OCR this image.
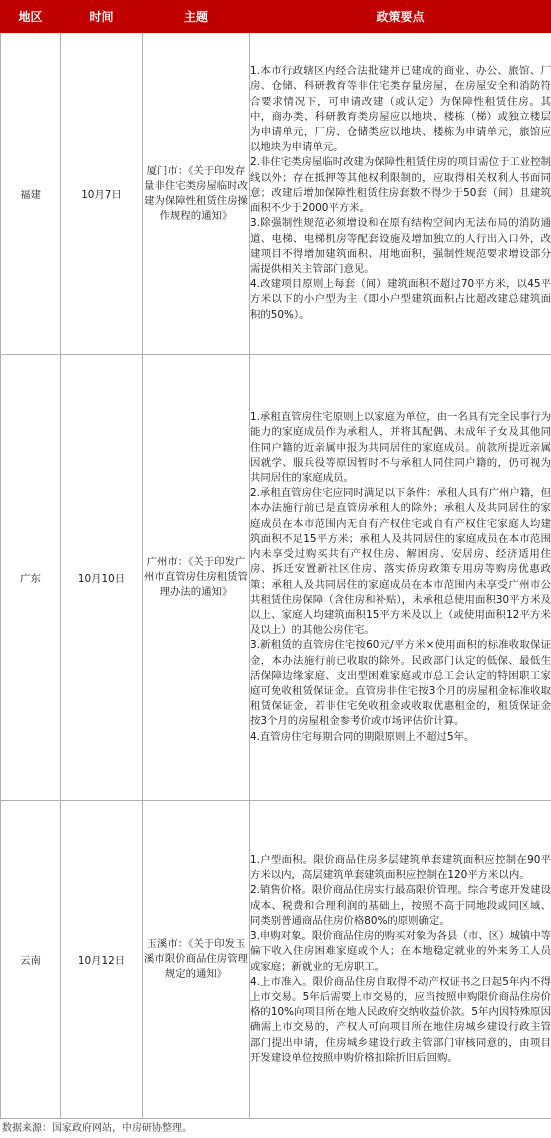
地区	时间	主题	政策要点
福建	10月7日	厦门市：《关于印发存量非住宅类房屋临时改建为保障性租赁住房操作规程的通知》	1.本市行政辖区内经合法批建并已建成的商业、办公、旅馆、厂房、仓储、科研教育等非住宅类存量房屋，在房屋安全和消防符合要求情况下，可申请改建（或认定）为保障性租赁住房。其中，商办类、科研教育类房屋应以地块、楼栋（梯）或独立楼层为申请单元，厂房、仓储类应以地块、楼栋为申请单元，旅馆应以地块为申请单元。

2.非住宅类房屋临时改建为保障性租赁住房的项目需位于工业控制线以外；存在抵押等其他权利限制的，应取得相关权利人书面同意；改建后增加保障性租赁住房套数不得少于50套（间）且建筑面积不少于2000平方米。

3.除强制性规范必须增设和在原有结构空间内无法布局的消防通道、电梯、电梯机房等配套设施及增加独立的人行出入口外，改建项目不得增加建筑面积、用地面积，强制性规范要求增设部分需提供相关主管部门意见。

4.改建项目原则上每套（间）建筑面积不超过70平方米，以45平方米以下的小户型为主（即小户型建筑面积占比超改建总建筑面积的50%）。

广东	10月10日	广州市：《关于印发广州市直管房住房租赁管理办法的通知》	1.承租直管房住宅原则上以家庭为单位，由一名具有完全民事行为能力的家庭成员作为承租人，并将其配偶、未成年子女及其他同住同户籍的近亲属申报为共同居住的家庭成员。前款所提近亲属因就学、服兵役等原因暂时不与承租人同住同户籍的，仍可视为共同居住的家庭成员。

2.承租直管房住宅应同时满足以下条件：承租人具有广州户籍，但本办法施行前已是直管房承租人的除外；承租人及共同居住的家庭成员在本市范围内无自有产权住宅或自有产权住宅家庭人均建筑面积不足15平方米；承租人及共同居住的家庭成员在本市范围内未享受过购买共有产权住房、解困房、安居房、经济适用住房、拆迁安置新社区住房、落实侨房政策专用房等购房优惠政策；承租人及共同居住的家庭成员在本市范围内未享受广州市公共租赁住房保障（含住房和补贴），未承租总使用面积30平方米及以上、家庭人均建筑面积15平方米及以上（或使用面积12平方米及以上）的其他公房住宅。

3.新租赁的直管房住宅按60元/平方米×使用面积的标准收取保证金，本办法施行前已收取的除外。民政部门认定的低保、最低生活保障边缘家庭、支出型困难家庭或市总工会认定的特困职工家庭可免收租赁保证金。直管房非住宅按3个月的房屋租金标准收取租赁保证金，若非住宅免收租金或收取优惠租金的，租赁保证金按3个月的房屋租金参考价或市场评估价计算。

4.直管房住宅每期合同的期限原则上不超过5年。

云南	10月12日	玉溪市：《关于印发玉溪市限价商品住房管理规定的通知》	1.户型面积。限价商品住房多层建筑单套建筑面积应控制在90平方米以内，高层建筑单套建筑面积应控制在120平方米以内。

2.销售价格。限价商品住房实行最高限价管理。综合考虑开发建设成本、税费和合理利润的基础上，按照不高于同地段或同区域、同类别普通商品住房价格80%的原则确定。

3.申购对象。限价商品住房的购买对象为各县（市、区）城镇中等偏下收入住房困难家庭或个人；在本地稳定就业的外来务工人员或家庭；新就业的无房职工。

4.上市准入。限价商品住房自取得不动产权证书之日起5年内不得上市交易。5年后需要上市交易的，应当按照申购限价商品住房价格的10%向项目所在地人民政府交纳收益价款。5年内因特殊原因确需上市交易的，产权人可向项目所在地住房城乡建设行政主管部门提出申请，住房城乡建设行政主管部门审核同意的，由项目开发建设单位按照申购价格扣除折旧后回购。

数据来源：国家政府网站，中房研协整理。
